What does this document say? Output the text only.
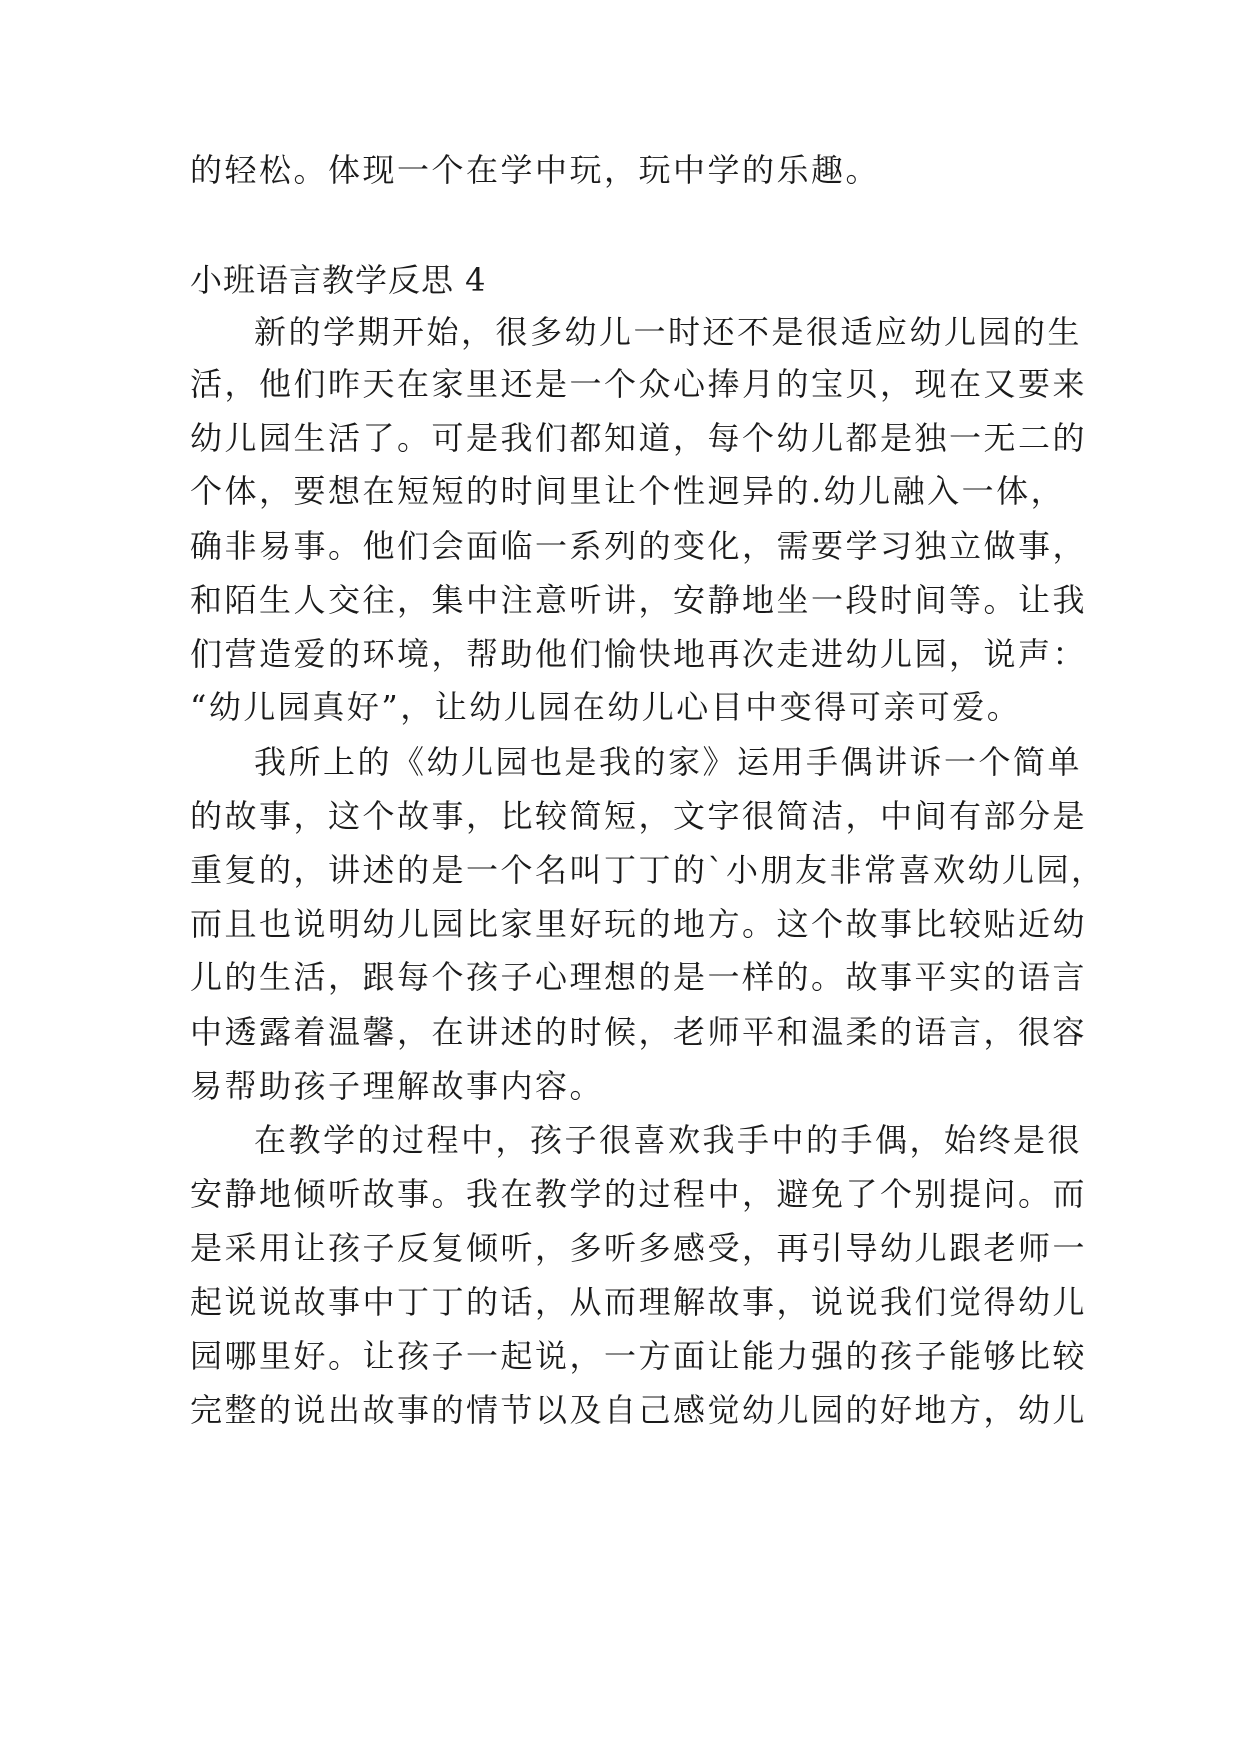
的轻松。体现一个在学中玩，玩中学的乐趣。
小班语言教学反思 4
新的学期开始，很多幼儿一时还不是很适应幼儿园的生
活，他们昨天在家里还是一个众心捧月的宝贝，现在又要来
幼儿园生活了。可是我们都知道，每个幼儿都是独一无二的
个体，要想在短短的时间里让个性迥异的.幼儿融入一体，
确非易事。他们会面临一系列的变化，需要学习独立做事，
和陌生人交往，集中注意听讲，安静地坐一段时间等。让我
们营造爱的环境，帮助他们愉快地再次走进幼儿园，说声：
“幼儿园真好”，让幼儿园在幼儿心目中变得可亲可爱。
我所上的《幼儿园也是我的家》运用手偶讲诉一个简单
的故事，这个故事，比较简短，文字很简洁，中间有部分是
重复的，讲述的是一个名叫丁丁的`小朋友非常喜欢幼儿园，
而且也说明幼儿园比家里好玩的地方。这个故事比较贴近幼
儿的生活，跟每个孩子心理想的是一样的。故事平实的语言
中透露着温馨，在讲述的时候，老师平和温柔的语言，很容
易帮助孩子理解故事内容。
在教学的过程中，孩子很喜欢我手中的手偶，始终是很
安静地倾听故事。我在教学的过程中，避免了个别提问。而
是采用让孩子反复倾听，多听多感受，再引导幼儿跟老师一
起说说故事中丁丁的话，从而理解故事，说说我们觉得幼儿
园哪里好。让孩子一起说，一方面让能力强的孩子能够比较
完整的说出故事的情节以及自己感觉幼儿园的好地方，幼儿
